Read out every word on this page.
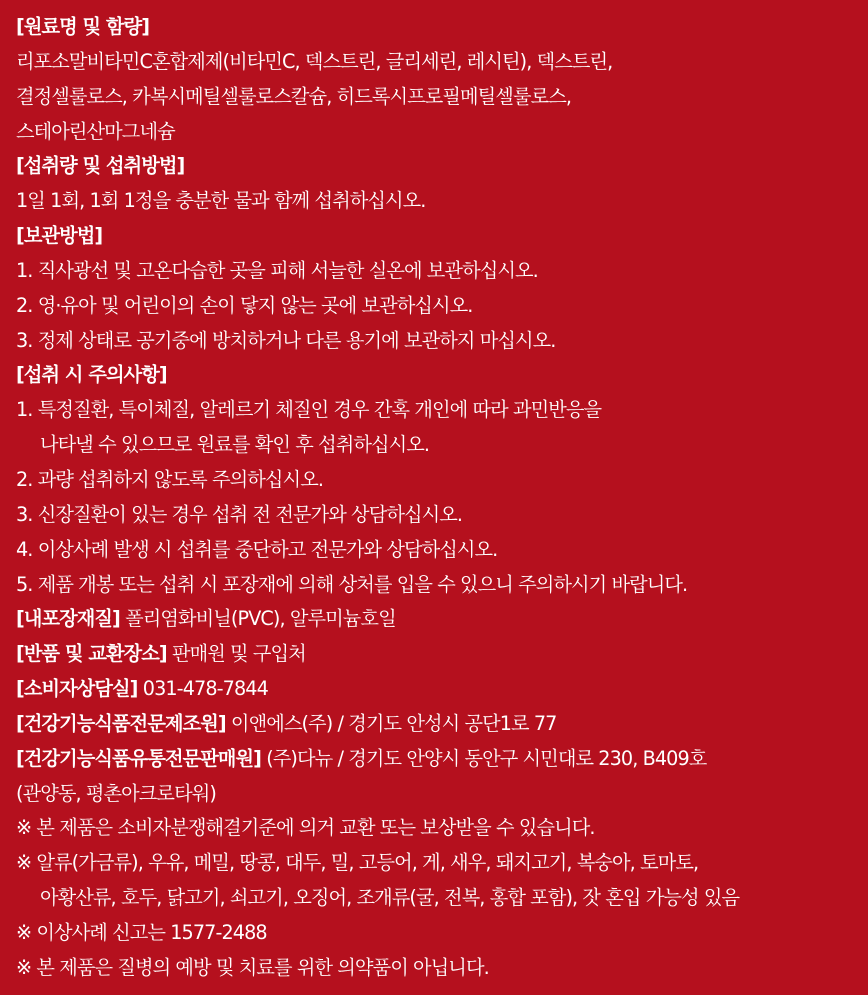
[원료명 및 함량]
리포소말비타민C혼합제제(비타민C, 덱스트린, 글리세린, 레시틴), 덱스트린,
결정셀룰로스, 카복시메틸셀룰로스칼슘, 히드록시프로필메틸셀룰로스,
스테아린산마그네슘
[섭취량 및 섭취방법]
1일 1회, 1회 1정을 충분한 물과 함께 섭취하십시오.
[보관방법]
1. 직사광선 및 고온다습한 곳을 피해 서늘한 실온에 보관하십시오.
2. 영·유아 및 어린이의 손이 닿지 않는 곳에 보관하십시오.
3. 정제 상태로 공기중에 방치하거나 다른 용기에 보관하지 마십시오.
[섭취 시 주의사항]
1. 특정질환, 특이체질, 알레르기 체질인 경우 간혹 개인에 따라 과민반응을
나타낼 수 있으므로 원료를 확인 후 섭취하십시오.
2. 과량 섭취하지 않도록 주의하십시오.
3. 신장질환이 있는 경우 섭취 전 전문가와 상담하십시오.
4. 이상사례 발생 시 섭취를 중단하고 전문가와 상담하십시오.
5. 제품 개봉 또는 섭취 시 포장재에 의해 상처를 입을 수 있으니 주의하시기 바랍니다.
[내포장재질] 폴리염화비닐(PVC), 알루미늄호일
[반품 및 교환장소] 판매원 및 구입처
[소비자상담실] 031-478-7844
[건강기능식품전문제조원] 이앤에스(주) / 경기도 안성시 공단1로 77
[건강기능식품유통전문판매원] (주)다뉴 / 경기도 안양시 동안구 시민대로 230, B409호
(관양동, 평촌아크로타워)
※ 본 제품은 소비자분쟁해결기준에 의거 교환 또는 보상받을 수 있습니다.
※ 알류(가금류), 우유, 메밀, 땅콩, 대두, 밀, 고등어, 게, 새우, 돼지고기, 복숭아, 토마토,
아황산류, 호두, 닭고기, 쇠고기, 오징어, 조개류(굴, 전복, 홍합 포함), 잣 혼입 가능성 있음
※ 이상사례 신고는 1577-2488
※ 본 제품은 질병의 예방 및 치료를 위한 의약품이 아닙니다.
